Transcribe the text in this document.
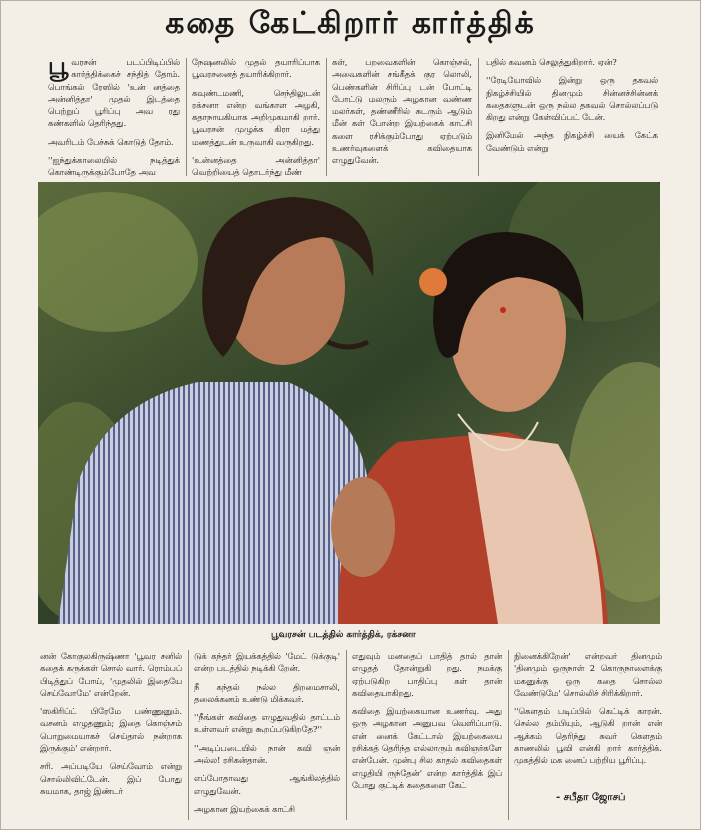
கதை கேட்கிறார் கார்த்திக்

பூவரசன் படப்பிடிப்பில் கார்த்திக்கைச் சந்தித் தோம். பொங்கல் ரேஸில் 'உன் னத்தை அன்னித்தா' முதல் இடத்தை பெற்றுப் பூரிப்பு அவ ரது கண்களில் தெரிந்தது.

அவரிடம் பேச்சுக் கொடுத் தோம்.

''ஐந்துக்காலையில் நடித்துக் கொண்டிருக்கும்போதே அவ

நேஷனலில் முதல் தயாரிப்பாக பூவரசனைத் தயாரிக்கிறார்.

கவுண்டமணி, செந்திலுடன் ரக்சனா என்ற வங்காள அழகி, கதாநாயகியாக அறிமுகமாகி றார். பூவரசன் முழுக்க கிரா மத்து மணத்துடன் உருவாகி வருகிறது.

'உன்னத்தை அன்னித்தா' வெற்றியைத் தொடர்ந்து மீண்

கள், பறவைகளின் கொஞ்சல், அவைகளின் சங்கீதக் குர லொலி, பெண்களின் சிரிப்பு டன் போட்டி போட்டு மலரும் அழகான வண்ண மலர்கள், தண்ணீரில் சுடரும் ஆடும் மீன் கள் போன்ற இயற்கைக் காட்சி களை ரசிக்கும்போது ஏற்படும் உணர்வுகளைக் கவிதையாக எழுதுவேன்.

பதில் கவனம் செலுத்துகிறார். ஏன்?

''ரேடியோவில் இன்று ஒரு தகவல் நிகழ்ச்சியில் தினமும் சின்னச்சின்னக் கதைகளுடன் ஒரு நல்ல தகவல் சொல்லப்படு கிறது என்று கேள்விப்பட் டேன்.

இனிமேல் அந்த நிகழ்ச்சி யைக் கேட்க வேண்டும் என்று

பூவரசன் படத்தில் கார்த்திக், ரக்சனா

னன் கோகுலகிருஷ்ணா 'பூவர சனில் கதைக் கருக்கள் சொல் வார். ரொம்பப் பிடித்துப் போய், 'முதலில் இதையே செய்வோமே' என்றேன்.

'ஸகிரிப்ட் பிரேமே பண்ணுனும். வசனம் எழுதணும்; இதை கொஞ்சம் பொறுமையாகச் செய்தால் நன்றாக இருக்கும்' என்றார்.

சரி. அப்படியே செய்வோம் என்று சொல்லிவிட்டேன். இப் போது சுயமாக, தாஜ் இண்டர்

டுக் கந்தர் இயக்கத்தில் 'மேட் டுக்குடி' என்ற படத்தில் நடிக்கி றேன்.

நீ கந்தல் நல்ல திறமைசாலி, தலைக்கனம் உண்டு மிக்கவர்.

''நீங்கள் கவிதை எழுதுவதில் தாட்டம் உள்ளவர் என்று கூறப்படுகிறதே?''

''அடிப்படையில் நான் கவி ஞன் அல்ல! ரசிகன்தான்.

எப்போதாவது ஆங்கிலத்தில் எழுதுவேன்.

அழகான இயற்கைக் காட்சி

எதுவும் மனதைப் பாதித் தால் தான் எழுதத் தோன்றுகி றது. நமக்கு ஏற்படுகிற பாதிப்பு கள் தான் கவிதையாகிறது.

கவிதை இயற்கையான உணர்வு. அது ஒரு அழகான அனுபவ வெளிப்பாடு. என் னைக் கேட்டால் இயற்கையை ரசிக்கத் தெரிந்த எல்லாரும் கவிஞர்களே என்பேன். முன்பு சில காதல் கவிதைகள் எழுதியி ருந்தேன்' என்ற கார்த்திக் இப் போது குட்டிக் கதைகளை கேட்

நினைக்கிறேன்' என்றவர் தினமும் 'தினமும் ஒருநாள் 2 கொருநாளைக்கு மகனுக்கு ஒரு கதை சொல்ல வேண்டுமே' சொல்லிச் சிரிக்கிறார்.

''கௌதம் படிப்பில் கெட்டிக் காரன். செல்ல தம்பியும், ஆடுகி றான் என் ஆக்கம் தெரிந்து சுவர் கௌதம் காணலில் பூவி என்கி றார் கார்த்திக். முகத்தில் மக னைப் பற்றிய பூரிப்பு.

- சபீதா ஜோசப்
